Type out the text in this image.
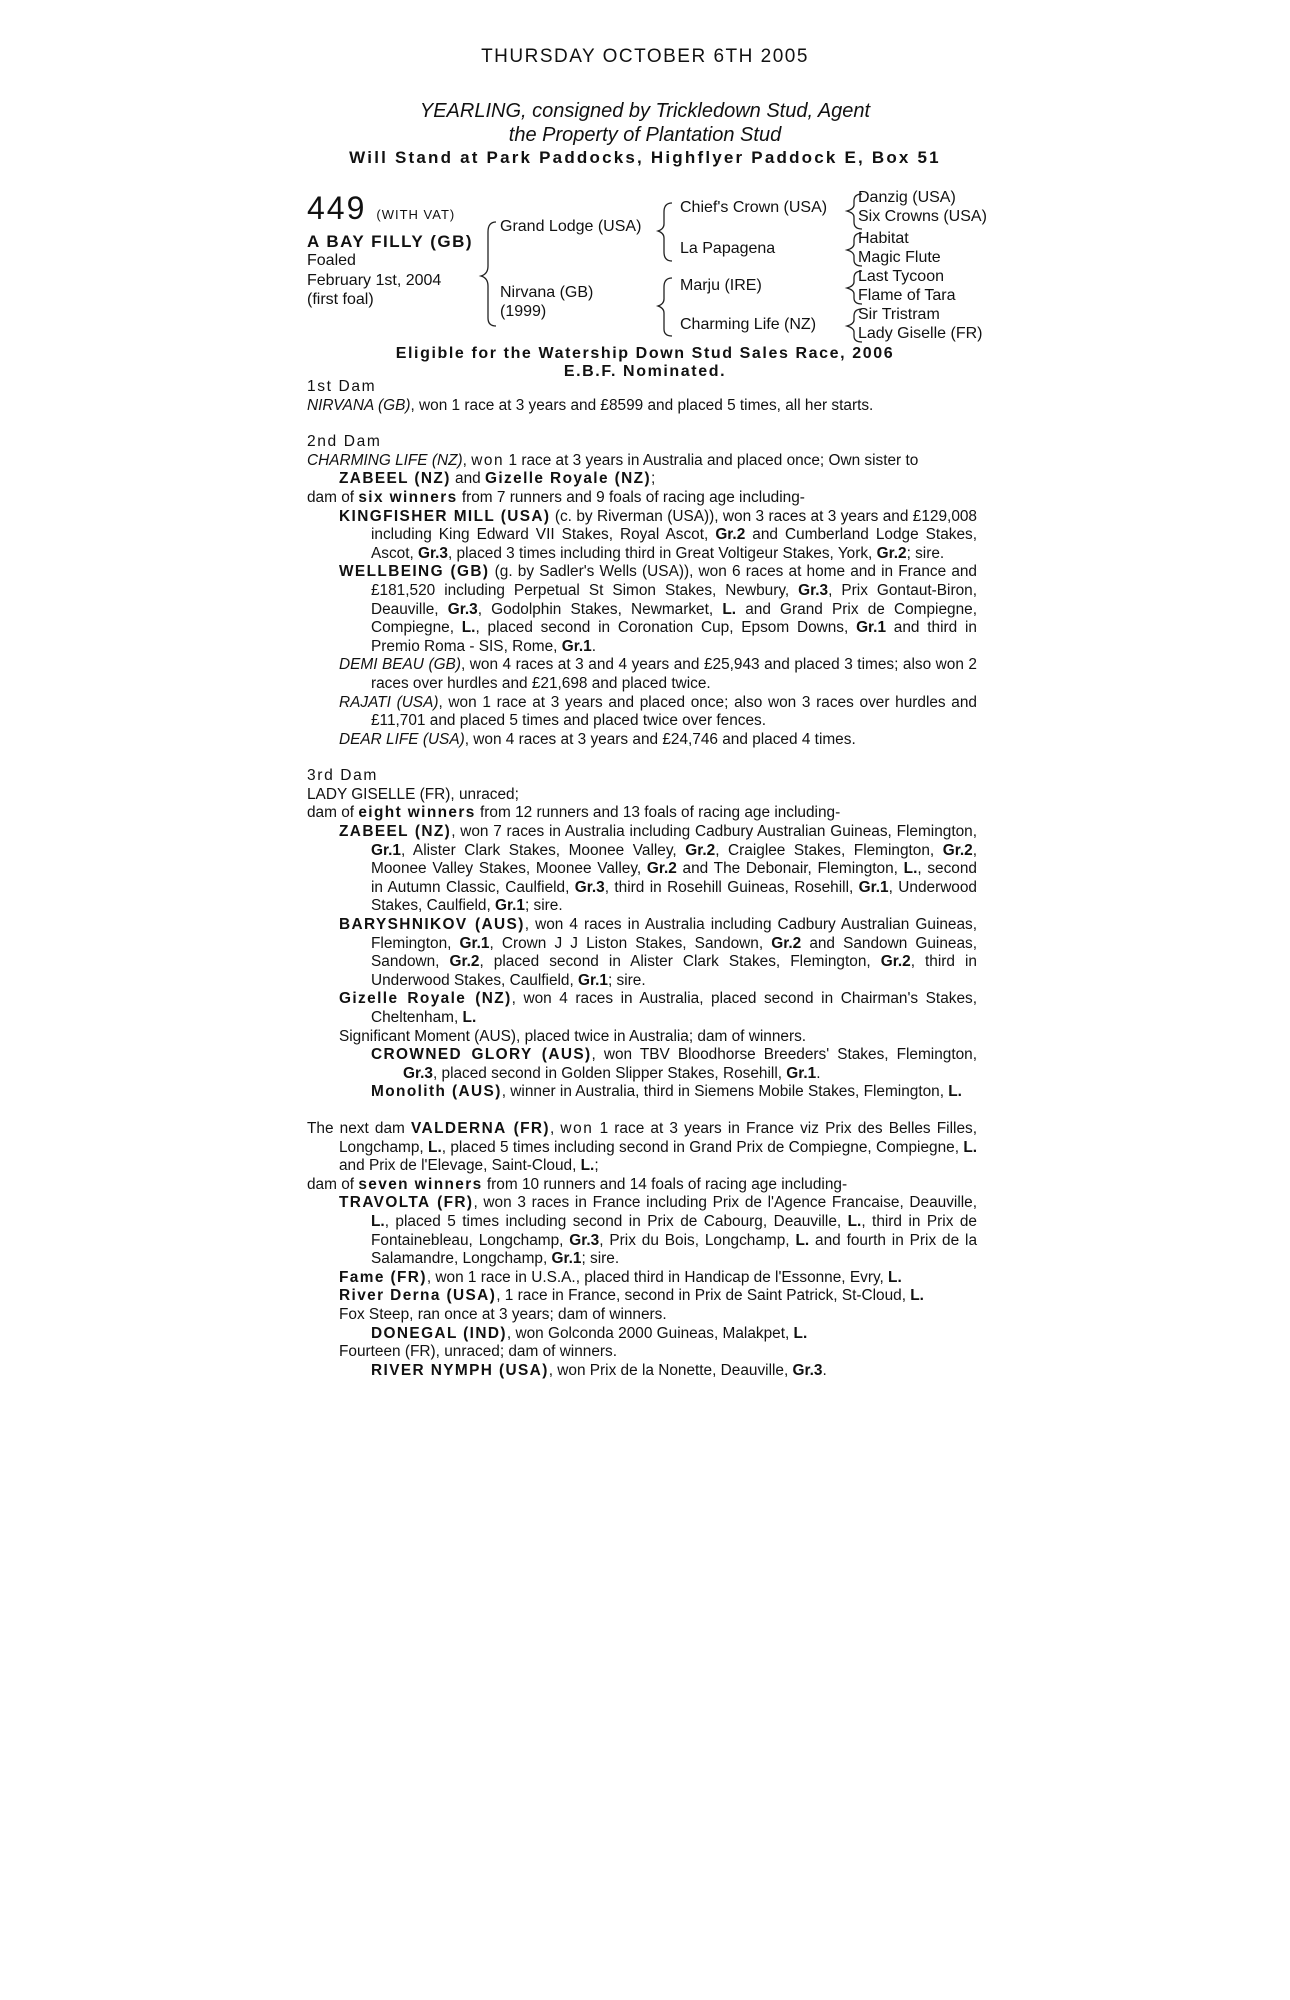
THURSDAY OCTOBER 6TH 2005
YEARLING, consigned by Trickledown Stud, Agent
the Property of Plantation Stud
Will Stand at Park Paddocks, Highflyer Paddock E, Box 51
449 (WITH VAT)
A BAY FILLY (GB)
Foaled
February 1st, 2004
(first foal)
Grand Lodge (USA)
Nirvana (GB)
(1999)
Chief's Crown (USA)
La Papagena
Marju (IRE)
Charming Life (NZ)
Danzig (USA)
Six Crowns (USA)
Habitat
Magic Flute
Last Tycoon
Flame of Tara
Sir Tristram
Lady Giselle (FR)
Eligible for the Watership Down Stud Sales Race, 2006
E.B.F. Nominated.

1st Dam

NIRVANA (GB), won 1 race at 3 years and £8599 and placed 5 times, all her starts.

2nd Dam

CHARMING LIFE (NZ), won 1 race at 3 years in Australia and placed once; Own sister to ZABEEL (NZ) and Gizelle Royale (NZ);

dam of six winners from 7 runners and 9 foals of racing age including-

KINGFISHER MILL (USA) (c. by Riverman (USA)), won 3 races at 3 years and £129,008 including King Edward VII Stakes, Royal Ascot, Gr.2 and Cumberland Lodge Stakes, Ascot, Gr.3, placed 3 times including third in Great Voltigeur Stakes, York, Gr.2; sire.

WELLBEING (GB) (g. by Sadler's Wells (USA)), won 6 races at home and in France and £181,520 including Perpetual St Simon Stakes, Newbury, Gr.3, Prix Gontaut-Biron, Deauville, Gr.3, Godolphin Stakes, Newmarket, L. and Grand Prix de Compiegne, Compiegne, L., placed second in Coronation Cup, Epsom Downs, Gr.1 and third in Premio Roma - SIS, Rome, Gr.1.

DEMI BEAU (GB), won 4 races at 3 and 4 years and £25,943 and placed 3 times; also won 2 races over hurdles and £21,698 and placed twice.

RAJATI (USA), won 1 race at 3 years and placed once; also won 3 races over hurdles and £11,701 and placed 5 times and placed twice over fences.

DEAR LIFE (USA), won 4 races at 3 years and £24,746 and placed 4 times.

3rd Dam

LADY GISELLE (FR), unraced;

dam of eight winners from 12 runners and 13 foals of racing age including-

ZABEEL (NZ), won 7 races in Australia including Cadbury Australian Guineas, Flemington, Gr.1, Alister Clark Stakes, Moonee Valley, Gr.2, Craiglee Stakes, Flemington, Gr.2, Moonee Valley Stakes, Moonee Valley, Gr.2 and The Debonair, Flemington, L., second in Autumn Classic, Caulfield, Gr.3, third in Rosehill Guineas, Rosehill, Gr.1, Underwood Stakes, Caulfield, Gr.1; sire.

BARYSHNIKOV (AUS), won 4 races in Australia including Cadbury Australian Guineas, Flemington, Gr.1, Crown J J Liston Stakes, Sandown, Gr.2 and Sandown Guineas, Sandown, Gr.2, placed second in Alister Clark Stakes, Flemington, Gr.2, third in Underwood Stakes, Caulfield, Gr.1; sire.

Gizelle Royale (NZ), won 4 races in Australia, placed second in Chairman's Stakes, Cheltenham, L.

Significant Moment (AUS), placed twice in Australia; dam of winners.

CROWNED GLORY (AUS), won TBV Bloodhorse Breeders' Stakes, Flemington, Gr.3, placed second in Golden Slipper Stakes, Rosehill, Gr.1.

Monolith (AUS), winner in Australia, third in Siemens Mobile Stakes, Flemington, L.

The next dam VALDERNA (FR), won 1 race at 3 years in France viz Prix des Belles Filles, Longchamp, L., placed 5 times including second in Grand Prix de Compiegne, Compiegne, L. and Prix de l'Elevage, Saint-Cloud, L.;

dam of seven winners from 10 runners and 14 foals of racing age including-

TRAVOLTA (FR), won 3 races in France including Prix de l'Agence Francaise, Deauville, L., placed 5 times including second in Prix de Cabourg, Deauville, L., third in Prix de Fontainebleau, Longchamp, Gr.3, Prix du Bois, Longchamp, L. and fourth in Prix de la Salamandre, Longchamp, Gr.1; sire.

Fame (FR), won 1 race in U.S.A., placed third in Handicap de l'Essonne, Evry, L.

River Derna (USA), 1 race in France, second in Prix de Saint Patrick, St-Cloud, L.

Fox Steep, ran once at 3 years; dam of winners.

DONEGAL (IND), won Golconda 2000 Guineas, Malakpet, L.

Fourteen (FR), unraced; dam of winners.

RIVER NYMPH (USA), won Prix de la Nonette, Deauville, Gr.3.
